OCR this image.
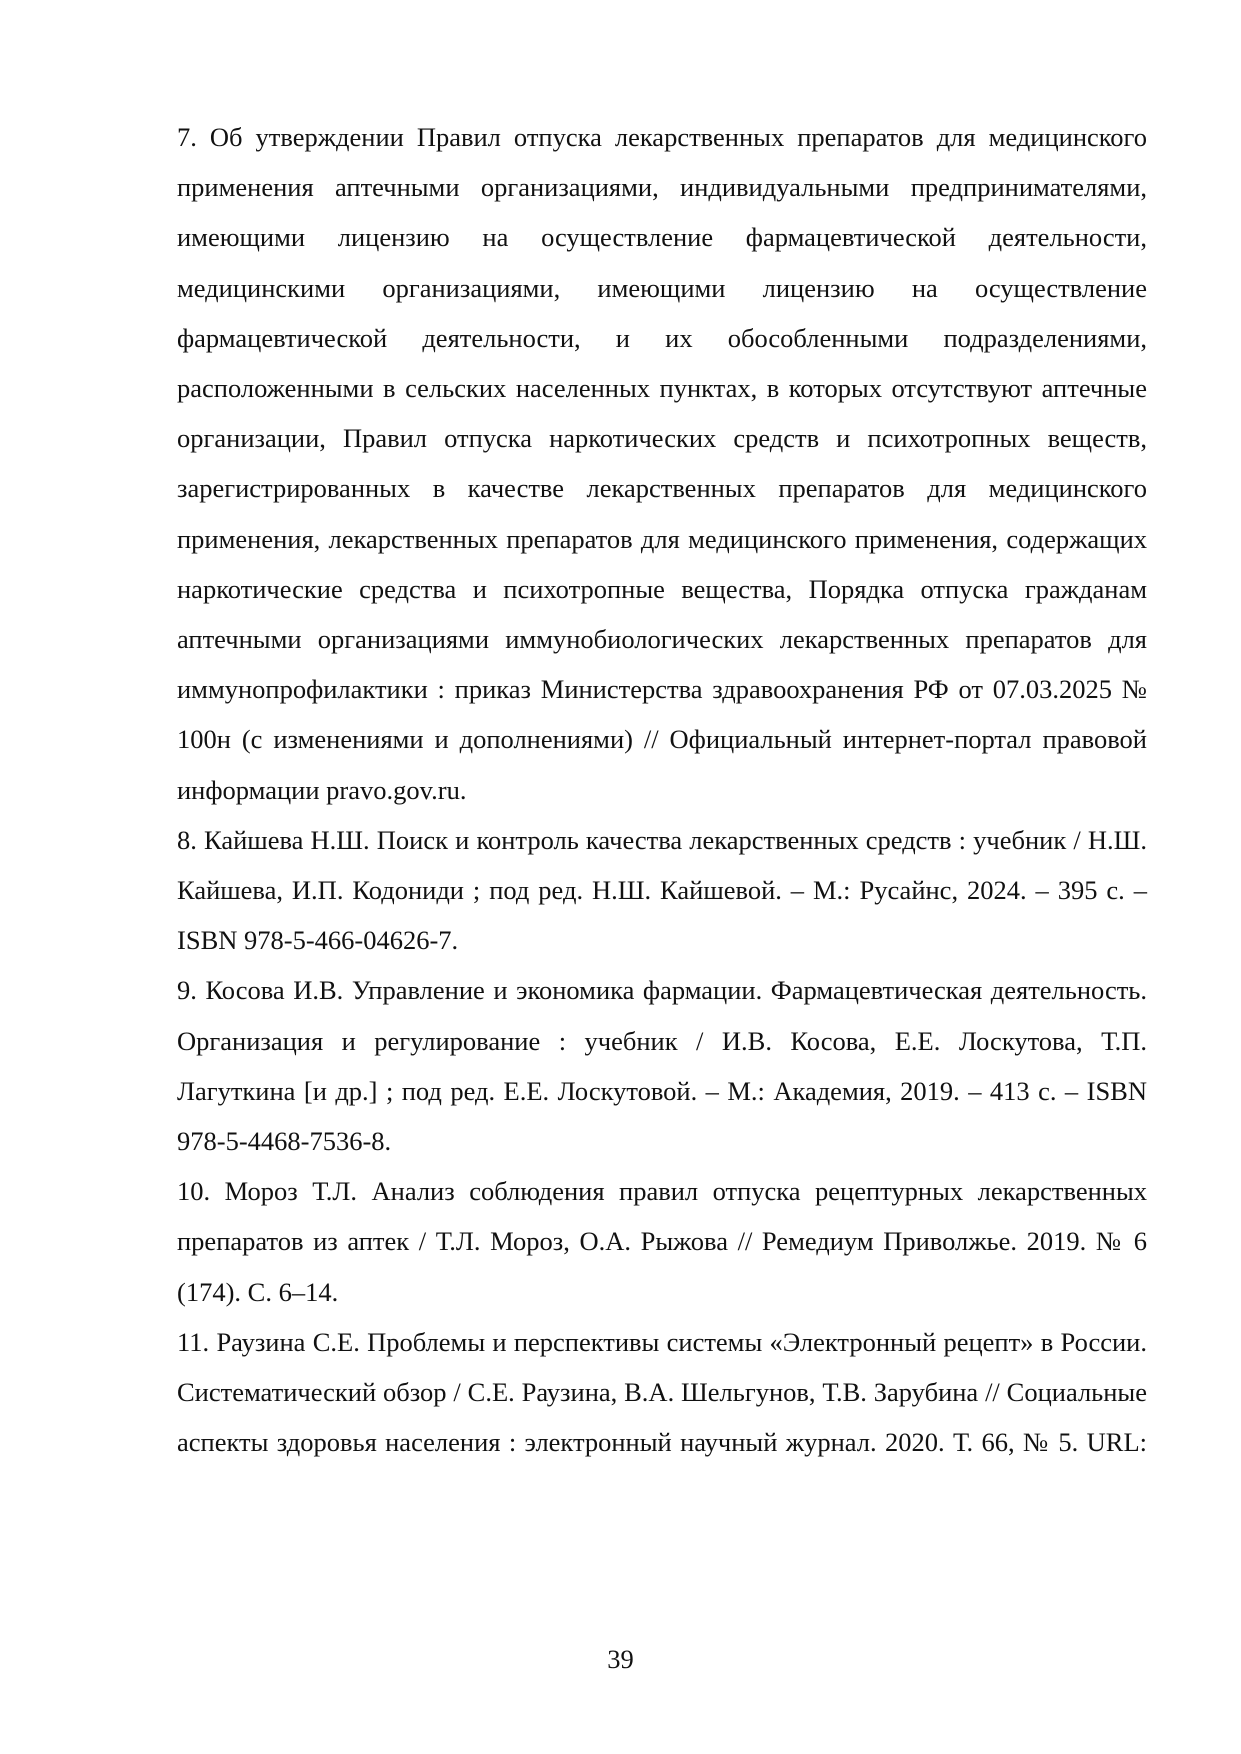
7. Об утверждении Правил отпуска лекарственных препаратов для медицинского применения аптечными организациями, индивидуальными предпринимателями, имеющими лицензию на осуществление фармацевтической деятельности, медицинскими организациями, имеющими лицензию на осуществление фармацевтической деятельности, и их обособленными подразделениями, расположенными в сельских населенных пунктах, в которых отсутствуют аптечные организации, Правил отпуска наркотических средств и психотропных веществ, зарегистрированных в качестве лекарственных препаратов для медицинского применения, лекарственных препаратов для медицинского применения, содержащих наркотические средства и психотропные вещества, Порядка отпуска гражданам аптечными организациями иммунобиологических лекарственных препаратов для иммунопрофилактики : приказ Министерства здравоохранения РФ от 07.03.2025 № 100н (с изменениями и дополнениями) // Официальный интернет-портал правовой информации pravo.gov.ru.

8. Кайшева Н.Ш. Поиск и контроль качества лекарственных средств : учебник / Н.Ш. Кайшева, И.П. Кодониди ; под ред. Н.Ш. Кайшевой. – М.: Русайнс, 2024. – 395 с. – ISBN 978-5-466-04626-7.

9. Косова И.В. Управление и экономика фармации. Фармацевтическая деятельность. Организация и регулирование : учебник / И.В. Косова, Е.Е. Лоскутова, Т.П. Лагуткина [и др.] ; под ред. Е.Е. Лоскутовой. – М.: Академия, 2019. – 413 с. – ISBN 978-5-4468-7536-8.

10. Мороз Т.Л. Анализ соблюдения правил отпуска рецептурных лекарственных препаратов из аптек / Т.Л. Мороз, О.А. Рыжова // Ремедиум Приволжье. 2019. № 6 (174). С. 6–14.

11. Раузина С.Е. Проблемы и перспективы системы «Электронный рецепт» в России. Систематический обзор / С.Е. Раузина, В.А. Шельгунов, Т.В. Зарубина // Социальные аспекты здоровья населения : электронный научный журнал. 2020. Т. 66, № 5. URL:

39
